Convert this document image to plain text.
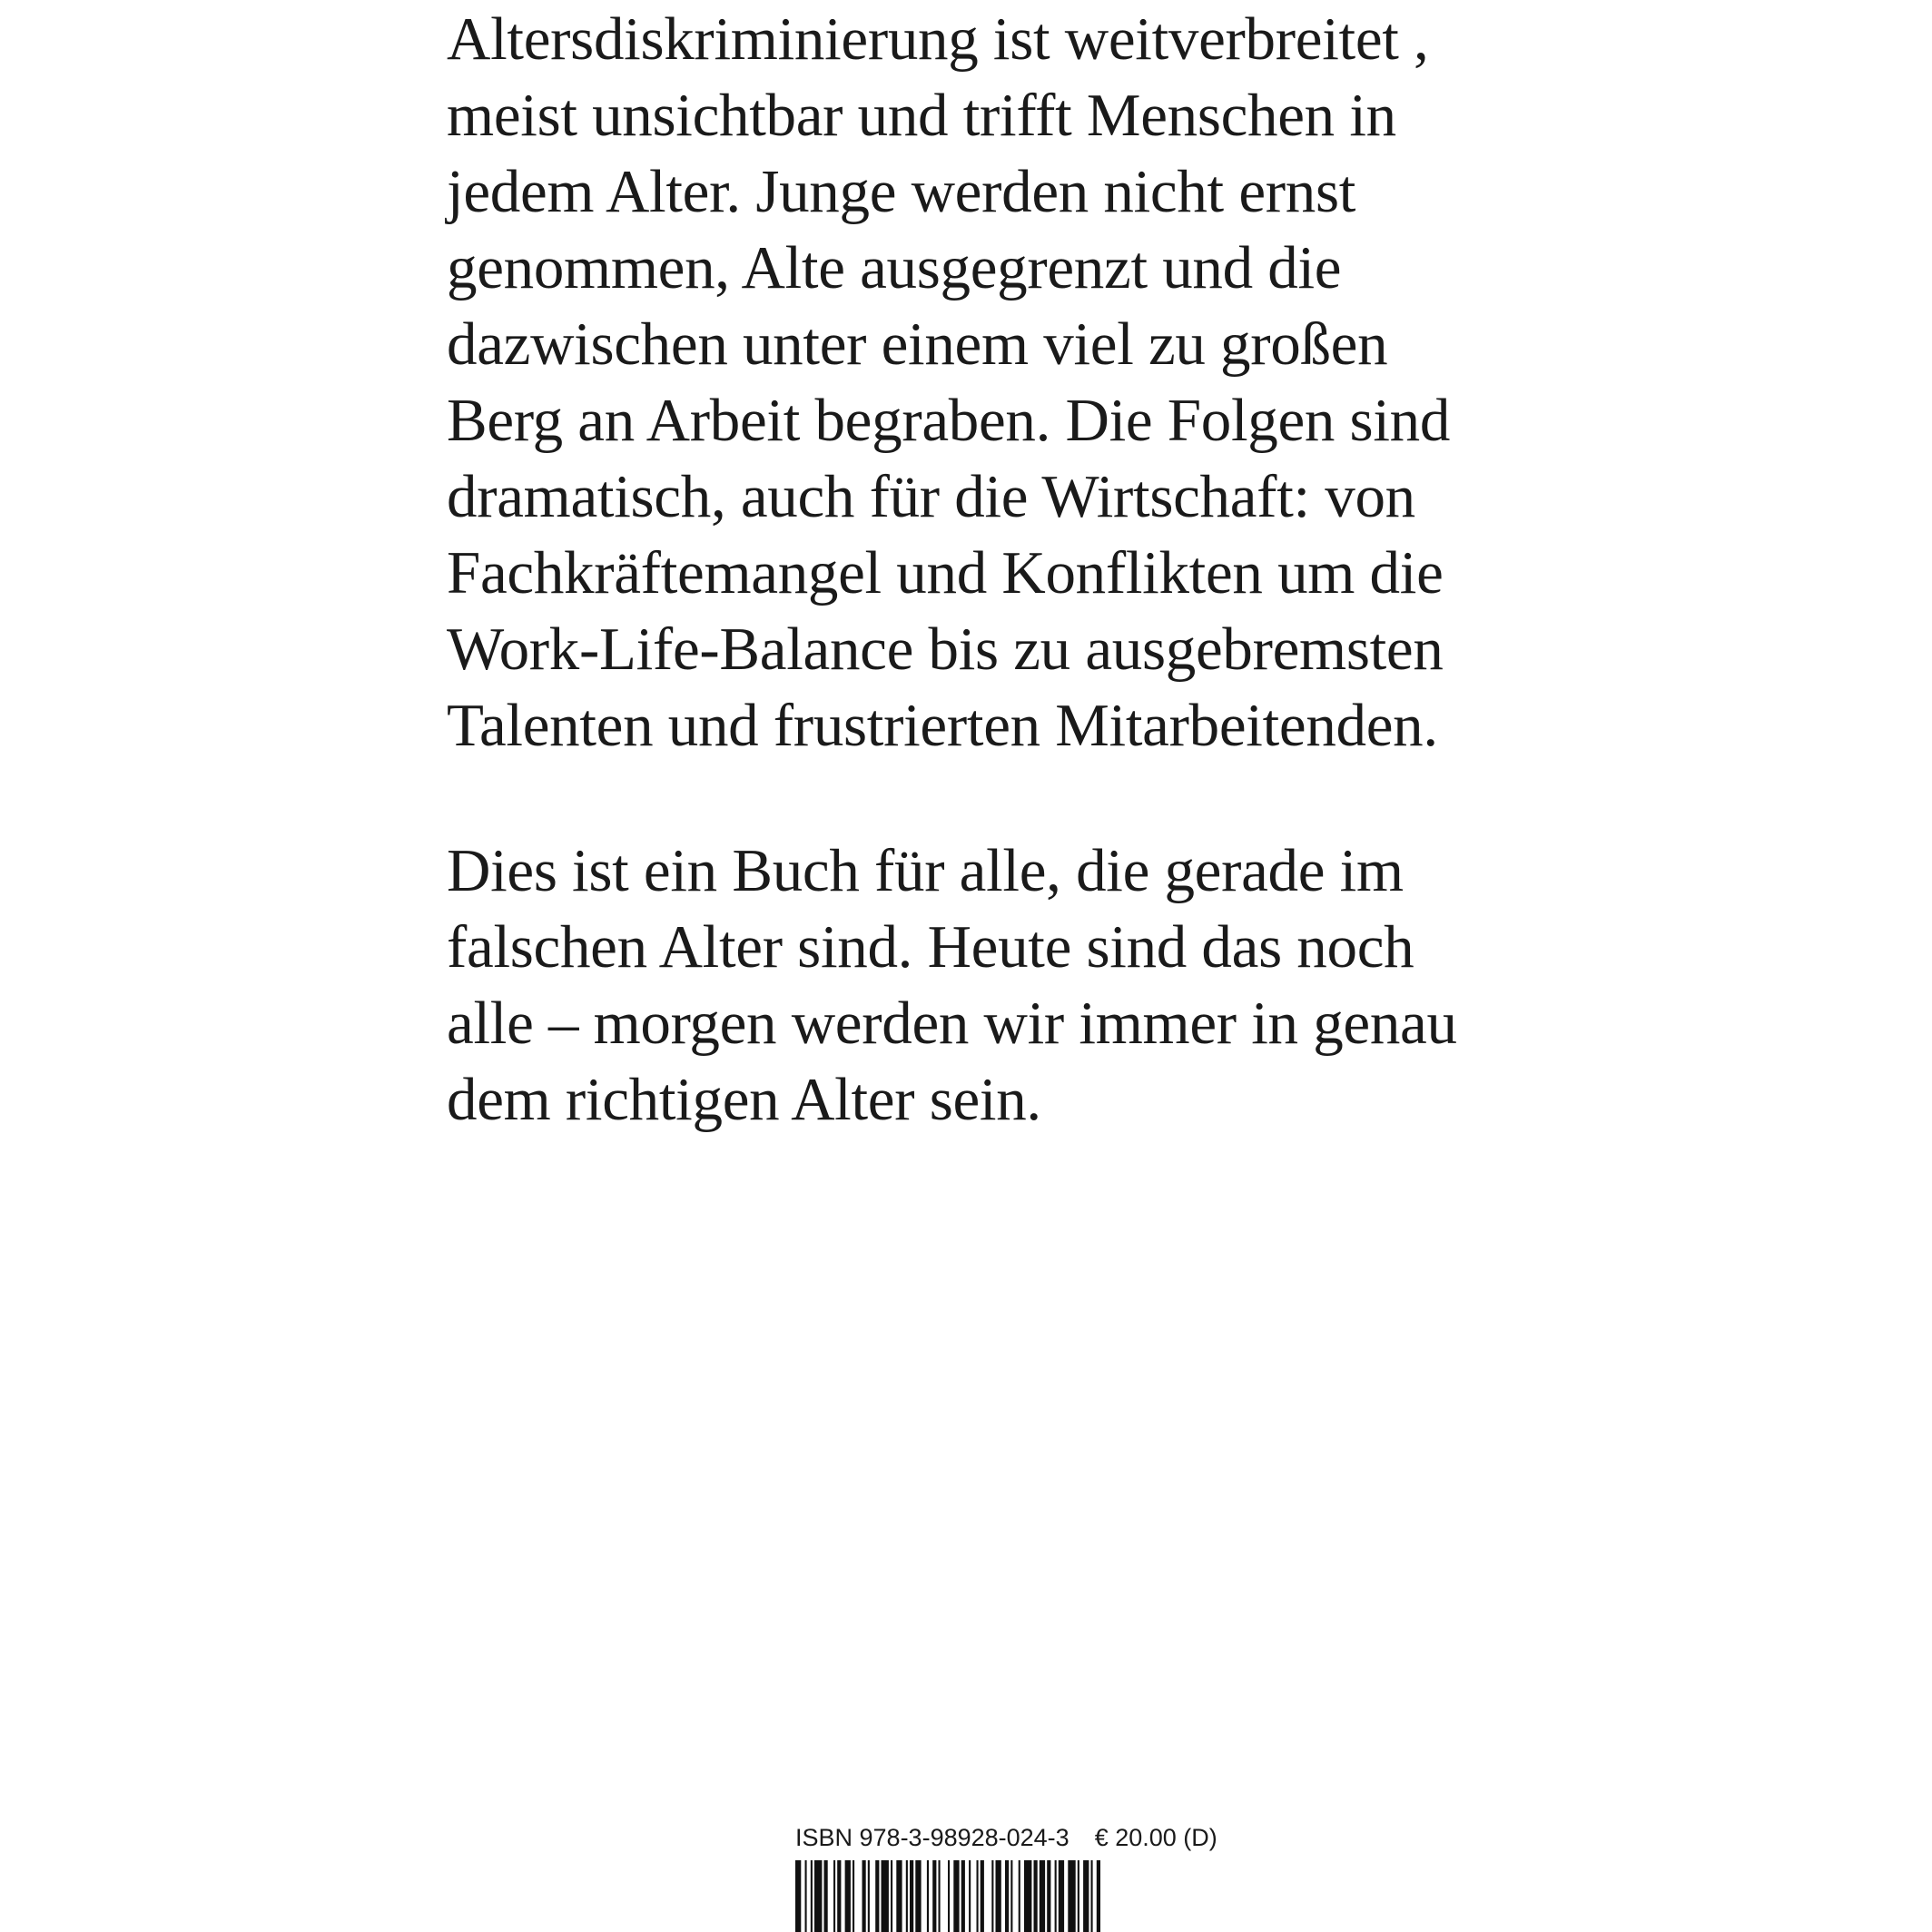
Altersdiskriminierung ist weitverbreitet ,
meist unsichtbar und trifft Menschen in
jedem Alter. Junge werden nicht ernst
genommen, Alte ausgegrenzt und die
dazwischen unter einem viel zu großen
Berg an Arbeit begraben. Die Folgen sind
dramatisch, auch für die Wirtschaft: von
Fachkräftemangel und Konflikten um die
Work-Life-Balance bis zu ausgebremsten
Talenten und frustrierten Mitarbeitenden.

Dies ist ein Buch für alle, die gerade im
falschen Alter sind. Heute sind das noch
alle – morgen werden wir immer in genau
dem richtigen Alter sein.

ISBN 978-3-98928-024-3 € 20.00 (D)
